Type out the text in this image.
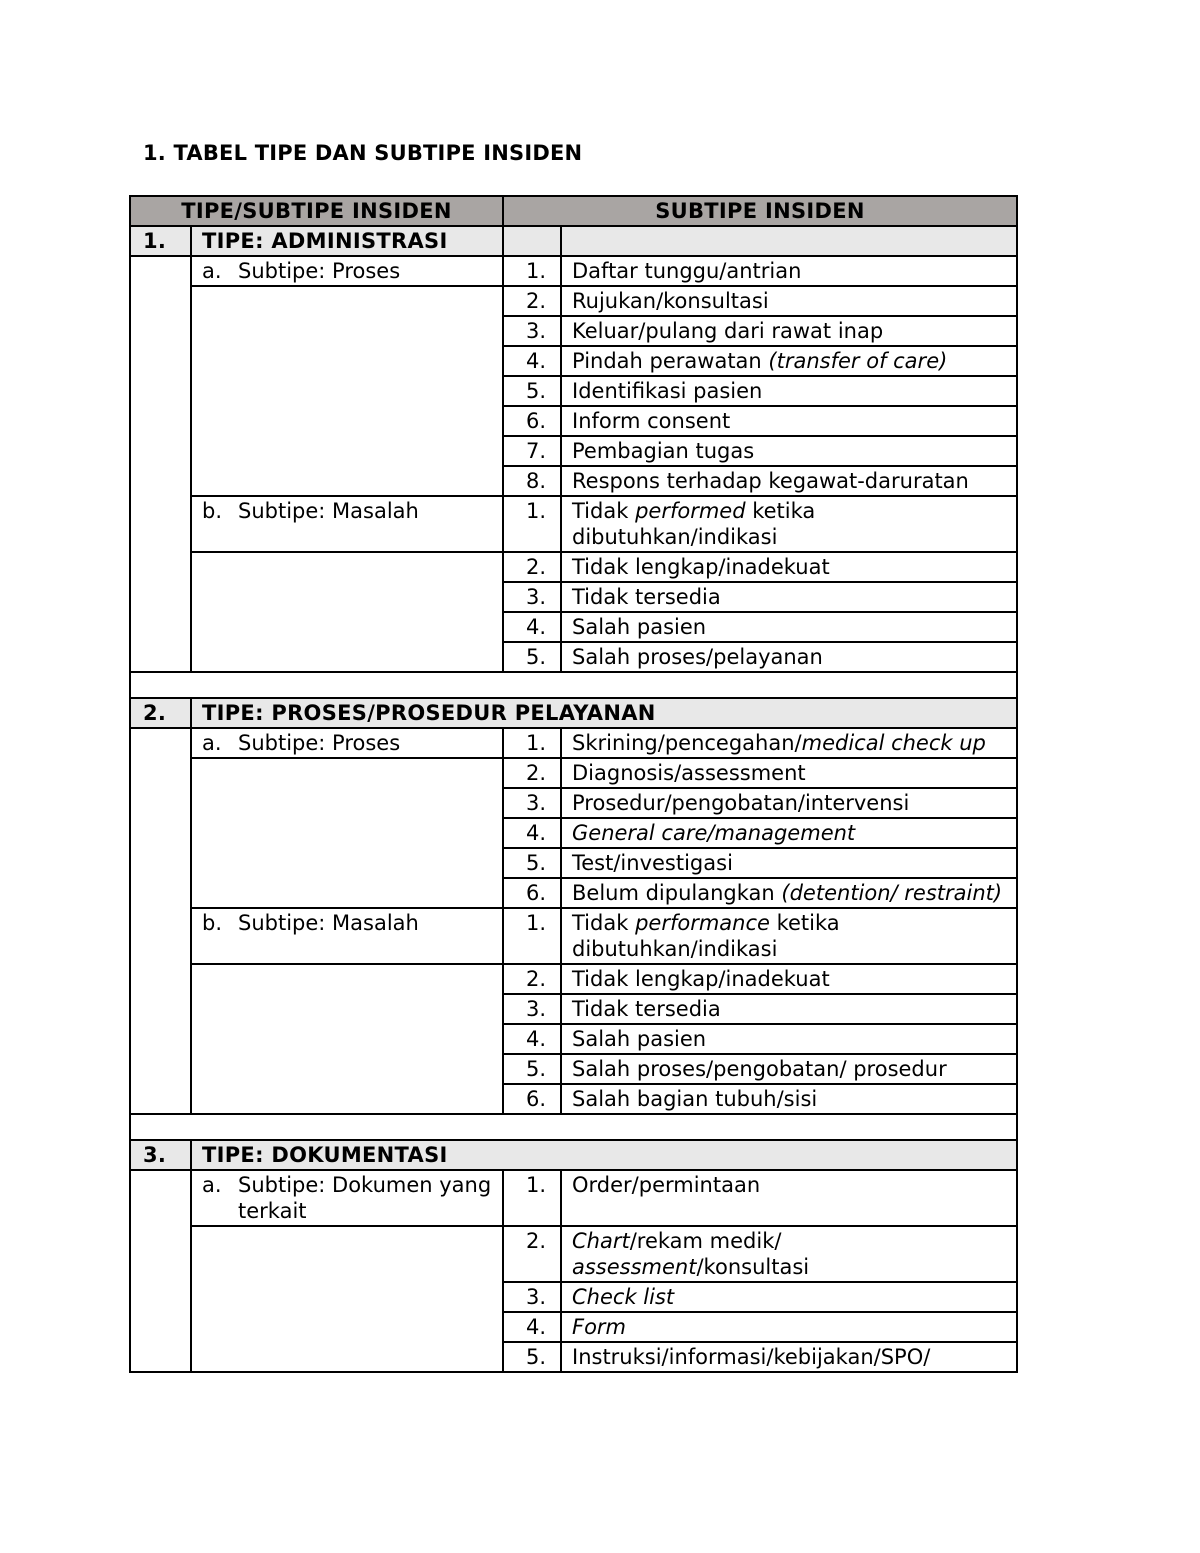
1. TABEL TIPE DAN SUBTIPE INSIDEN
TIPE/SUBTIPE INSIDEN		SUBTIPE INSIDEN	
1.	TIPE: ADMINISTRASI		

	a. Subtipe: Proses	1.	Daftar tunggu/antrian
		2.	Rujukan/konsultasi
		3.	Keluar/pulang dari rawat inap
		4.	Pindah perawatan (transfer of care)
		5.	Identifikasi pasien
		6.	Inform consent
		7.	Pembagian tugas
		8.	Respons terhadap kegawat-daruratan

	b. Subtipe: Masalah	1.	Tidak performed ketika dibutuhkan/indikasi
		2.	Tidak lengkap/inadekuat
		3.	Tidak tersedia
		4.	Salah pasien
		5.	Salah proses/pelayanan

2.	TIPE: PROSES/PROSEDUR PELAYANAN		

	a. Subtipe: Proses	1.	Skrining/pencegahan/medical check up
		2.	Diagnosis/assessment
		3.	Prosedur/pengobatan/intervensi
		4.	General care/management
		5.	Test/investigasi
		6.	Belum dipulangkan (detention/ restraint)

	b. Subtipe: Masalah	1.	Tidak performance ketika dibutuhkan/indikasi
		2.	Tidak lengkap/inadekuat
		3.	Tidak tersedia
		4.	Salah pasien
		5.	Salah proses/pengobatan/ prosedur
		6.	Salah bagian tubuh/sisi

3.	TIPE: DOKUMENTASI		

	a. Subtipe: Dokumen yang terkait	1.	Order/permintaan
		2.	Chart/rekam medik/ assessment/konsultasi
		3.	Check list
		4.	Form
		5.	Instruksi/informasi/kebijakan/SPO/
